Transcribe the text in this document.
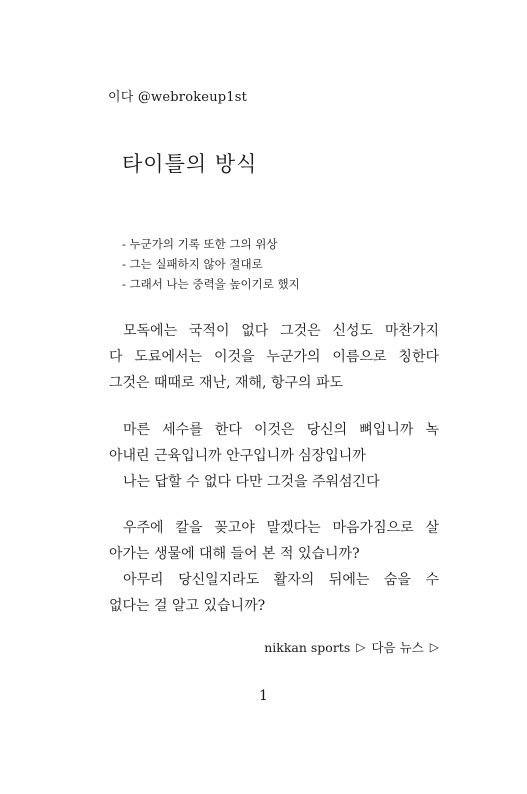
이다 @webrokeup1st
타이틀의 방식
- 누군가의 기록 또한 그의 위상
- 그는 실패하지 않아 절대로
- 그래서 나는 중력을 높이기로 했지

모독에는 국적이 없다 그것은 신성도 마찬가지
다 도료에서는 이것을 누군가의 이름으로 칭한다
그것은 때때로 재난, 재해, 항구의 파도

마른 세수를 한다 이것은 당신의 뼈입니까 녹
아내린 근육입니까 안구입니까 심장입니까
나는 답할 수 없다 다만 그것을 주워섬긴다

우주에 칼을 꽂고야 말겠다는 마음가짐으로 살
아가는 생물에 대해 들어 본 적 있습니까?
아무리 당신일지라도 활자의 뒤에는 숨을 수
없다는 걸 알고 있습니까?

nikkan sports ▷ 다음 뉴스 ▷
1
